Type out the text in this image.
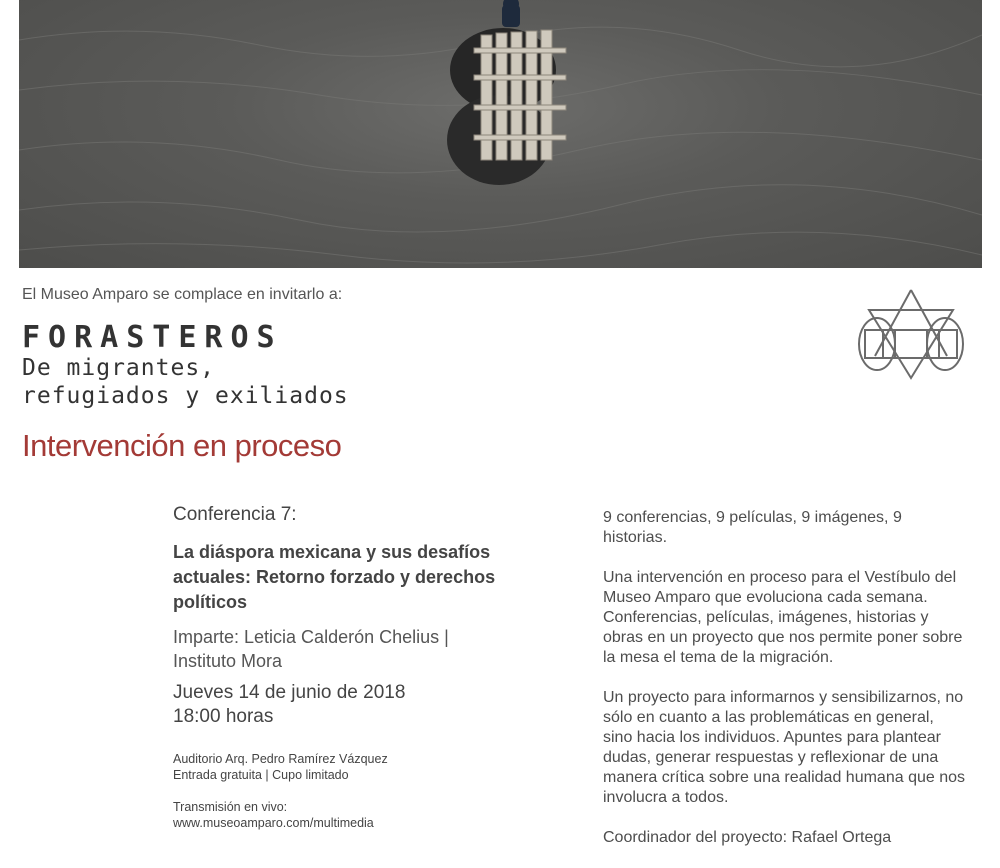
El Museo Amparo se complace en invitarlo a:
FORASTEROS
De migrantes,
refugiados y exiliados
Intervención en proceso
Conferencia 7:
La diáspora mexicana y sus desafíos actuales: Retorno forzado y derechos políticos
Imparte: Leticia Calderón Chelius |
Instituto Mora
Jueves 14 de junio de 2018
18:00 horas
Auditorio Arq. Pedro Ramírez Vázquez
Entrada gratuita | Cupo limitado
Transmisión en vivo:
www.museoamparo.com/multimedia

9 conferencias, 9 películas, 9 imágenes, 9 historias.

Una intervención en proceso para el Vestíbulo del Museo Amparo que evoluciona cada semana. Conferencias, películas, imágenes, historias y obras en un proyecto que nos permite poner sobre la mesa el tema de la migración.

Un proyecto para informarnos y sensibilizarnos, no sólo en cuanto a las problemáticas en general, sino hacia los individuos. Apuntes para plantear dudas, generar respuestas y reflexionar de una manera crítica sobre una realidad humana que nos involucra a todos.

Coordinador del proyecto: Rafael Ortega
